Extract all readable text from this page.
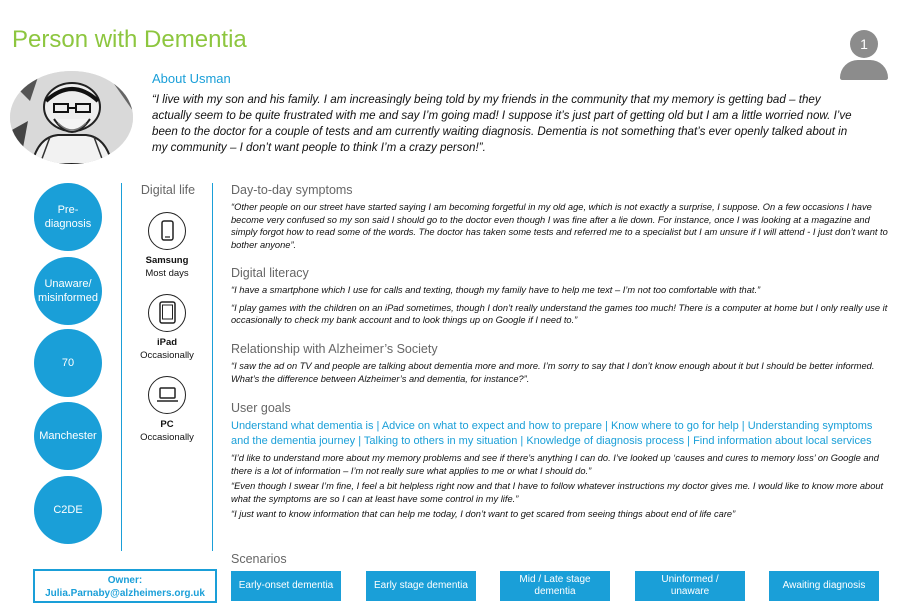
Person with Dementia	1
About Usman
“I live with my son and his family. I am increasingly being told by my friends in the community that my memory is getting bad – they actually seem to be quite frustrated with me and say I’m going mad! I suppose it’s just part of getting old but I am a little worried now. I’ve been to the doctor for a couple of tests and am currently waiting diagnosis. Dementia is not something that’s ever openly talked about in my community – I don’t want people to think I’m a crazy person!”.
Pre-
diagnosis
Unaware/
misinformed
70
Manchester
C2DE
Digital life
Samsung
Most days
iPad
Occasionally
PC
Occasionally
Day-to-day symptoms
“Other people on our street have started saying I am becoming forgetful in my old age, which is not exactly a surprise, I suppose. On a few occasions I have become very confused so my son said I should go to the doctor even though I was fine after a lie down. For instance, once I was looking at a magazine and simply forgot how to read some of the words. The doctor has taken some tests and referred me to a specialist but I am unsure if I will attend - I just don’t want to bother anyone”.
Digital literacy
“I have a smartphone which I use for calls and texting, though my family have to help me text – I’m not too comfortable with that.”
“I play games with the children on an iPad sometimes, though I don’t really understand the games too much! There is a computer at home but I only really use it occasionally to check my bank account and to look things up on Google if I need to.”
Relationship with Alzheimer’s Society
“I saw the ad on TV and people are talking about dementia more and more. I’m sorry to say that I don’t know enough about it but I should be better informed. What’s the difference between Alzheimer’s and dementia, for instance?”.
User goals
Understand what dementia is | Advice on what to expect and how to prepare | Know where to go for help | Understanding symptoms and the dementia journey | Talking to others in my situation | Knowledge of diagnosis process | Find information about local services
“I’d like to understand more about my memory problems and see if there’s anything I can do. I’ve looked up ‘causes and cures to memory loss’ on Google and there is a lot of information – I’m not really sure what applies to me or what I should do.”
“Even though I swear I’m fine, I feel a bit helpless right now and that I have to follow whatever instructions my doctor gives me. I would like to know more about what the symptoms are so I can at least have some control in my life.”
“I just want to know information that can help me today, I don’t want to get scared from seeing things about end of life care”
Scenarios
Owner:
Julia.Parnaby@alzheimers.org.uk
Early-onset dementia	Early stage dementia
Mid / Late stage
dementia
Uninformed /
unaware
Awaiting diagnosis
